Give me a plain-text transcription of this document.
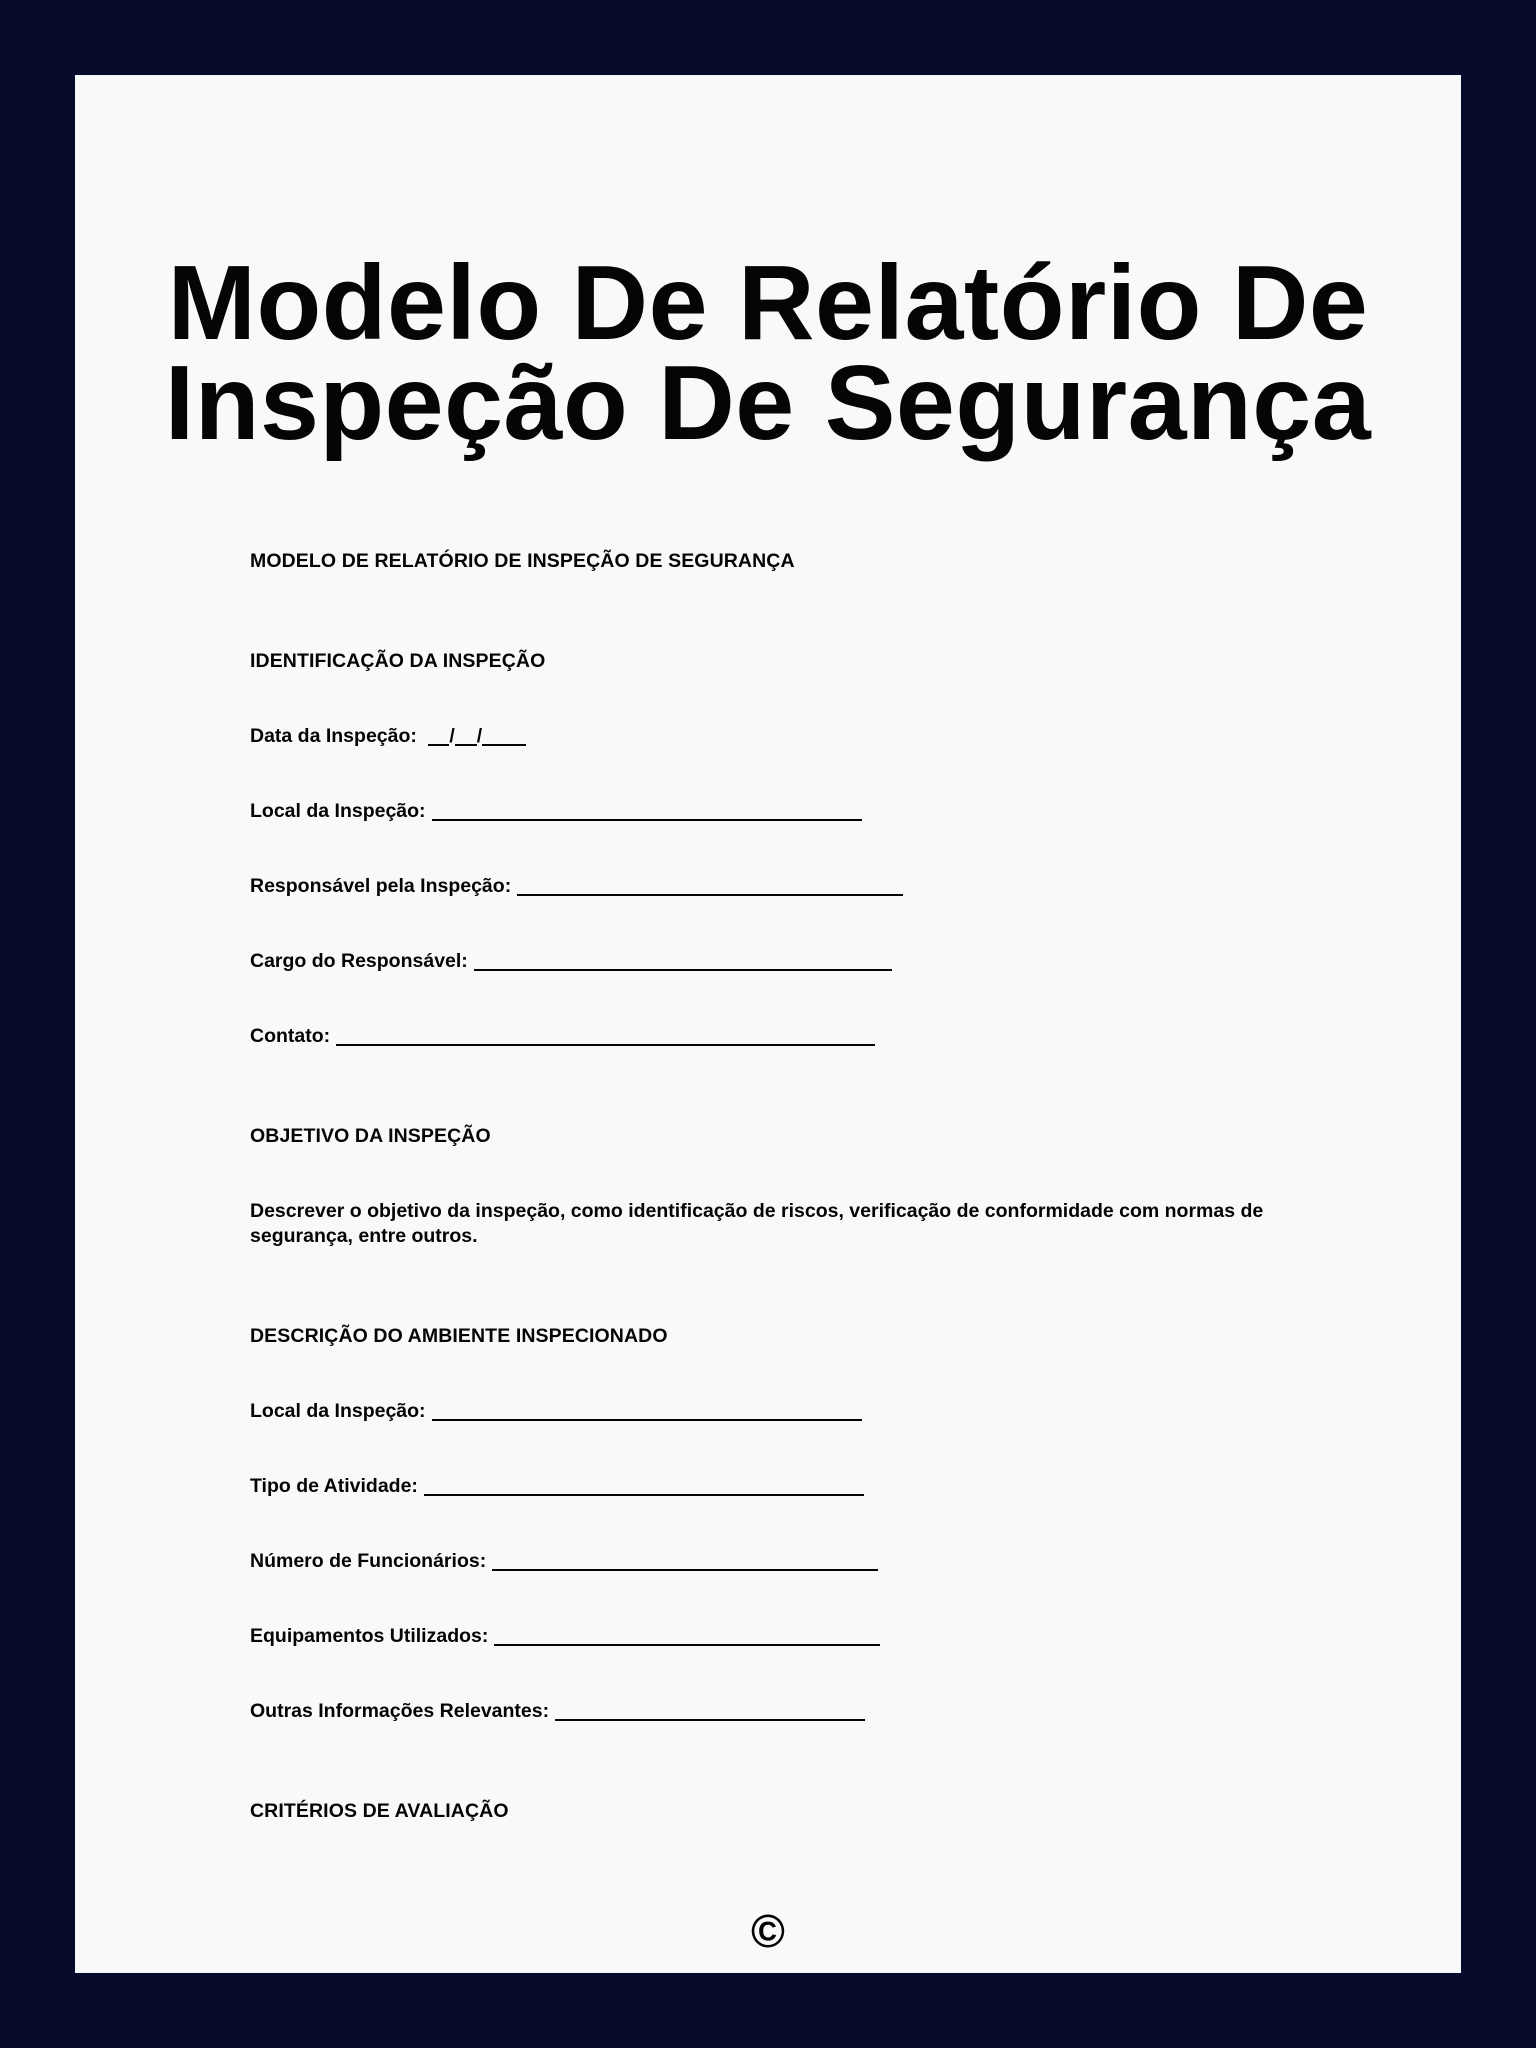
Modelo De Relatório De
Inspeção De Segurança

MODELO DE RELATÓRIO DE INSPEÇÃO DE SEGURANÇA

IDENTIFICAÇÃO DA INSPEÇÃO

Data da Inspeção: / /

Local da Inspeção:

Responsável pela Inspeção:

Cargo do Responsável:

Contato:

OBJETIVO DA INSPEÇÃO

Descrever o objetivo da inspeção, como identificação de riscos, verificação de conformidade com normas de segurança, entre outros.

DESCRIÇÃO DO AMBIENTE INSPECIONADO

Local da Inspeção:

Tipo de Atividade:

Número de Funcionários:

Equipamentos Utilizados:

Outras Informações Relevantes:

CRITÉRIOS DE AVALIAÇÃO

©
